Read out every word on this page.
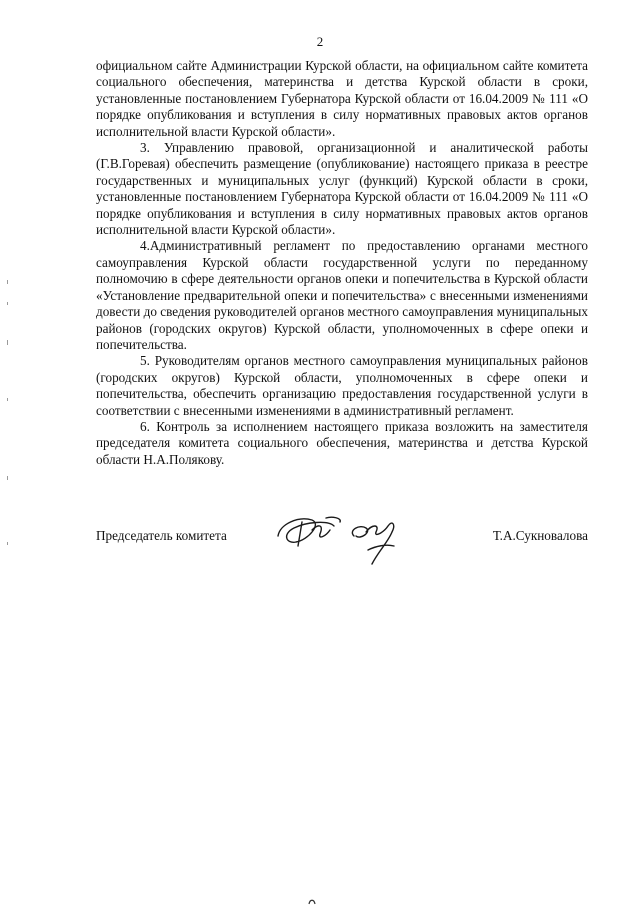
2

официальном сайте Администрации Курской области, на официальном сайте комитета социального обеспечения, материнства и детства Курской области в сроки, установленные постановлением Губернатора Курской области от 16.04.2009 № 111 «О порядке опубликования и вступления в силу нормативных правовых актов органов исполнительной власти Курской области».

3. Управлению правовой, организационной и аналитической работы (Г.В.Горевая) обеспечить размещение (опубликование) настоящего приказа в реестре государственных и муниципальных услуг (функций) Курской области в сроки, установленные постановлением Губернатора Курской области от 16.04.2009 № 111 «О порядке опубликования и вступления в силу нормативных правовых актов органов исполнительной власти Курской области».

4.Административный регламент по предоставлению органами местного самоуправления Курской области государственной услуги по переданному полномочию в сфере деятельности органов опеки и попечительства в Курской области «Установление предварительной опеки и попечительства» с внесенными изменениями довести до сведения руководителей органов местного самоуправления муниципальных районов (городских округов) Курской области, уполномоченных в сфере опеки и попечительства.

5. Руководителям органов местного самоуправления муниципальных районов (городских округов) Курской области, уполномоченных в сфере опеки и попечительства, обеспечить организацию предоставления государственной услуги в соответствии с внесенными изменениями в административный регламент.

6. Контроль за исполнением настоящего приказа возложить на заместителя председателя комитета социального обеспечения, материнства и детства Курской области Н.А.Полякову.

Председатель комитета	Т.А.Сукновалова
